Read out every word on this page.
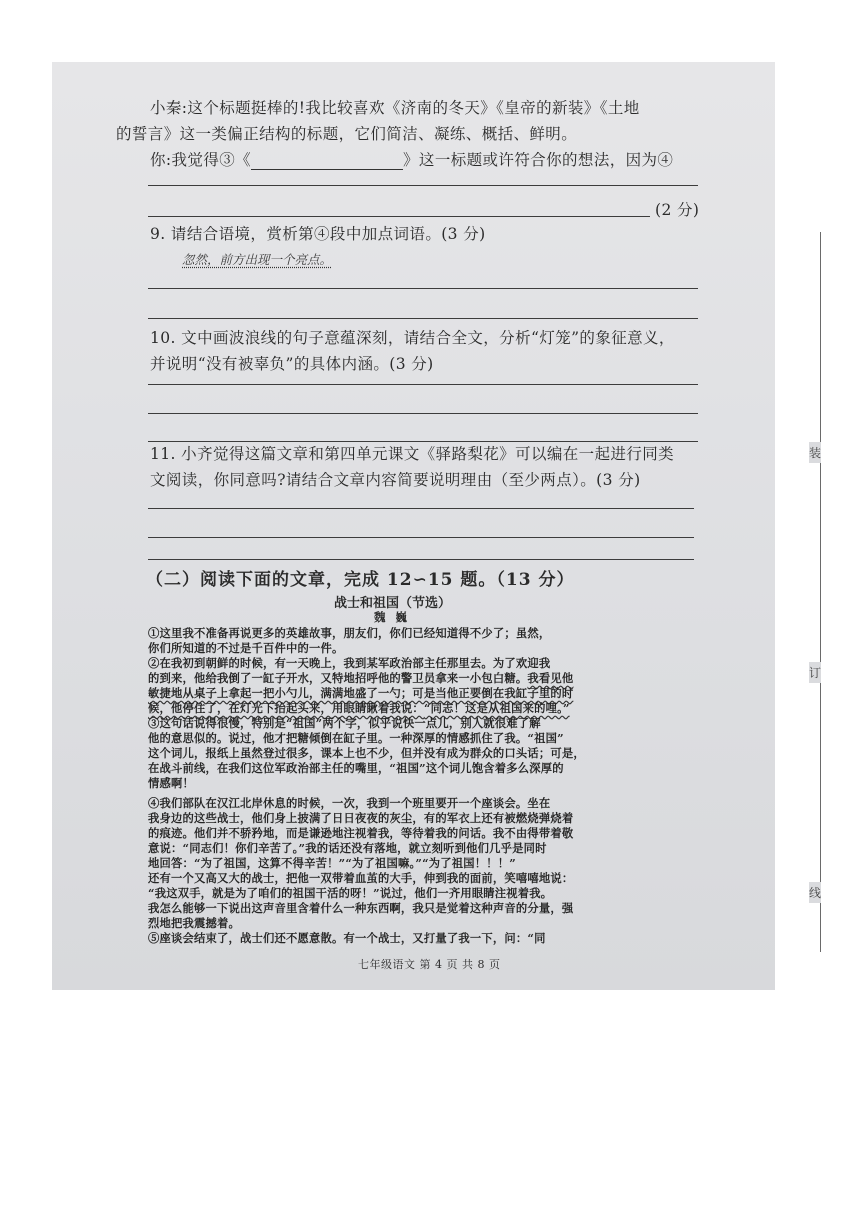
小秦:这个标题挺棒的!我比较喜欢《济南的冬天》《皇帝的新装》《土地
的誓言》这一类偏正结构的标题，它们简洁、凝练、概括、鲜明。
你:我觉得③《	》这一标题或许符合你的想法，因为④
(2 分)
9. 请结合语境，赏析第④段中加点词语。(3 分)
忽然，前方出现一个亮点。
10. 文中画波浪线的句子意蕴深刻，请结合全文，分析“灯笼”的象征意义，
并说明“没有被辜负”的具体内涵。(3 分)
11. 小齐觉得这篇文章和第四单元课文《驿路梨花》可以编在一起进行同类
文阅读，你同意吗?请结合文章内容简要说明理由（至少两点）。(3 分)
（二）阅读下面的文章，完成 12∽15 题。（13 分）
战士和祖国（节选）
魏 巍
①这里我不准备再说更多的英雄故事，朋友们，你们已经知道得不少了；虽然，
你们所知道的不过是千百件中的一件。
②在我初到朝鲜的时候，有一天晚上，我到某军政治部主任那里去。为了欢迎我
的到来，他给我倒了一缸子开水，又特地招呼他的警卫员拿来一小包白糖。我看见他
敏捷地从桌子上拿起一把小勺儿，满满地盛了一勺；可是当他正要倒在我缸子里的时
候，他停住了，在灯光下抬起头来，用眼睛瞅着我说：“同志！这是从祖国来的哩。”
③这句话说得很慢，特别是“祖国”两个字，似乎说快一点儿，别人就很难了解
他的意思似的。说过，他才把糖倾倒在缸子里。一种深厚的情感抓住了我。“祖国”
这个词儿，报纸上虽然登过很多，课本上也不少，但并没有成为群众的口头话；可是，
在战斗前线，在我们这位军政治部主任的嘴里，“祖国”这个词儿饱含着多么深厚的
情感啊！
④我们部队在汉江北岸休息的时候，一次，我到一个班里要开一个座谈会。坐在
我身边的这些战士，他们身上披满了日日夜夜的灰尘，有的军衣上还有被燃烧弹烧着
的痕迹。他们并不骄矜地，而是谦逊地注视着我，等待着我的问话。我不由得带着敬
意说：“同志们！你们辛苦了。”我的话还没有落地，就立刻听到他们几乎是同时
地回答：“为了祖国，这算不得辛苦！”“为了祖国嘛。”“为了祖国！！！”
还有一个又高又大的战士，把他一双带着血茧的大手，伸到我的面前，笑嘻嘻地说：
“我这双手，就是为了咱们的祖国干活的呀！”说过，他们一齐用眼睛注视着我。
我怎么能够一下说出这声音里含着什么一种东西啊，我只是觉着这种声音的分量，强
烈地把我震撼着。
⑤座谈会结束了，战士们还不愿意散。有一个战士，又打量了我一下，问：“同
七年级语文 第 4 页 共 8 页
装
订
线
